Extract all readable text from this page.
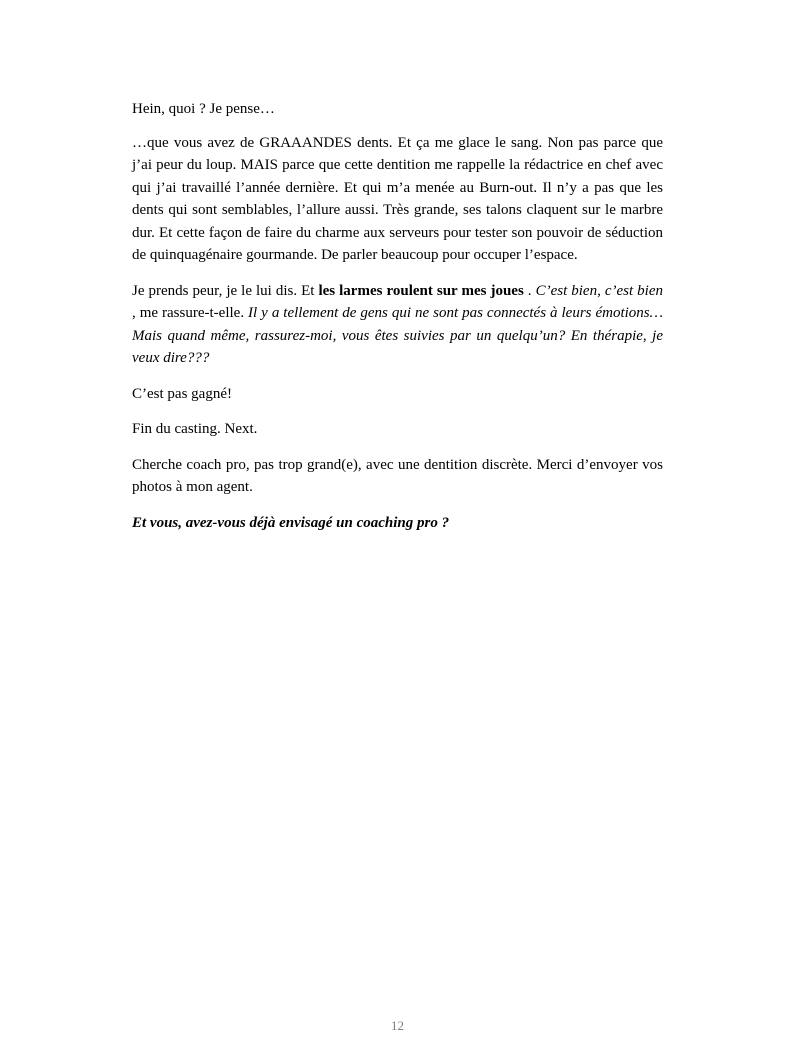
Hein, quoi ? Je pense…

…que vous avez de GRAAANDES dents. Et ça me glace le sang. Non pas parce que j’ai peur du loup. MAIS parce que cette dentition me rappelle la rédactrice en chef avec qui j’ai travaillé l’année dernière. Et qui m’a menée au Burn-out. Il n’y a pas que les dents qui sont semblables, l’allure aussi. Très grande, ses talons claquent sur le marbre dur. Et cette façon de faire du charme aux serveurs pour tester son pouvoir de séduction de quinquagénaire gourmande. De parler beaucoup pour occuper l’espace.

Je prends peur, je le lui dis. Et les larmes roulent sur mes joues . C’est bien, c’est bien , me rassure-t-elle. Il y a tellement de gens qui ne sont pas connectés à leurs émotions… Mais quand même, rassurez-moi, vous êtes suivies par un quelqu’un? En thérapie, je veux dire???

C’est pas gagné!

Fin du casting. Next.

Cherche coach pro, pas trop grand(e), avec une dentition discrète. Merci d’envoyer vos photos à mon agent.

Et vous, avez-vous déjà envisagé un coaching pro ?

12
